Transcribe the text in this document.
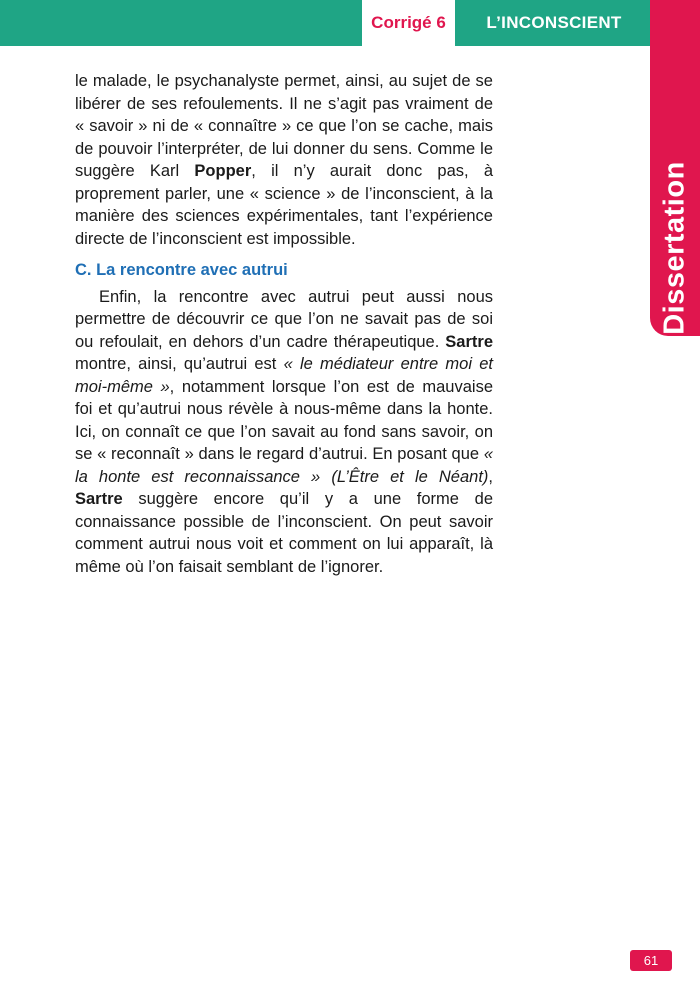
Corrigé 6	L’INCONSCIENT
Dissertation

le malade, le psychanalyste permet, ainsi, au sujet de se libérer de ses refoulements. Il ne s’agit pas vraiment de « savoir » ni de « connaître » ce que l’on se cache, mais de pouvoir l’interpréter, de lui donner du sens. Comme le suggère Karl Popper, il n’y aurait donc pas, à proprement parler, une « science » de l’inconscient, à la manière des sciences expérimentales, tant l’expérience directe de l’inconscient est impossible.

C. La rencontre avec autrui

Enfin, la rencontre avec autrui peut aussi nous permettre de découvrir ce que l’on ne savait pas de soi ou refoulait, en dehors d’un cadre thérapeutique. Sartre montre, ainsi, qu’autrui est « le médiateur entre moi et moi-même », notamment lorsque l’on est de mauvaise foi et qu’autrui nous révèle à nous-même dans la honte. Ici, on connaît ce que l’on savait au fond sans savoir, on se « reconnaît » dans le regard d’autrui. En posant que « la honte est reconnaissance » (L’Être et le Néant), Sartre suggère encore qu’il y a une forme de connaissance possible de l’inconscient. On peut savoir comment autrui nous voit et comment on lui apparaît, là même où l’on faisait semblant de l’ignorer.

61
